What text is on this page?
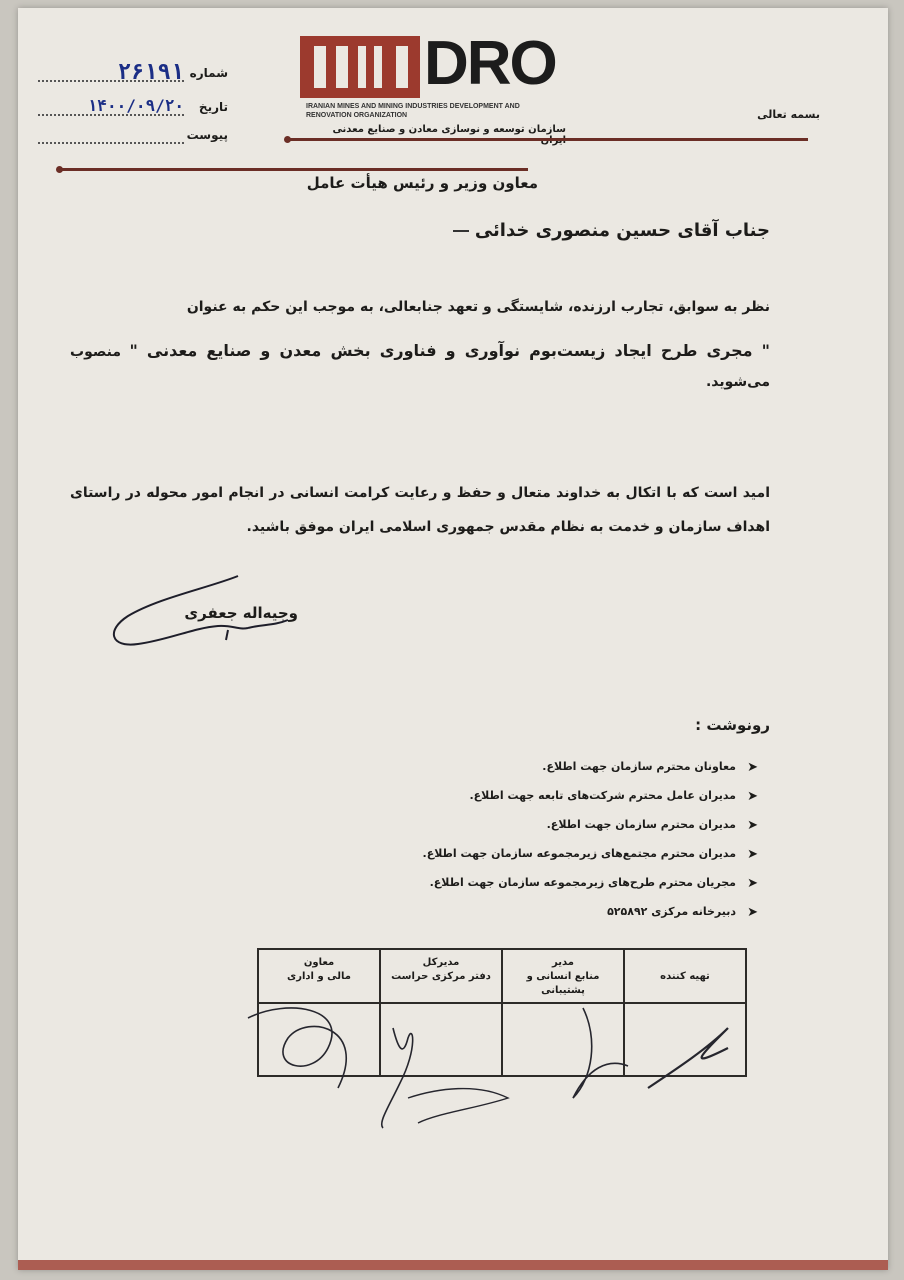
شماره
۲۶۱۹۱
تاریخ
۱۴۰۰/۰۹/۲۰
پیوست
DRO
IRANIAN MINES AND MINING INDUSTRIES DEVELOPMENT AND RENOVATION ORGANIZATION
سازمان توسعه و نوسازی معادن و صنایع معدنی
بسمه تعالی
معاون وزیر و رئیس هیأت عامل
جناب آقای حسین منصوری خدائی
نظر به سوابق، تجارب ارزنده، شایستگی و تعهد جنابعالی، به موجب این حکم به عنوان
" مجری طرح ایجاد زیست‌بوم نوآوری و فناوری بخش معدن و صنایع معدنی " منصوب می‌شوید.
امید است که با اتکال به خداوند متعال و حفظ و رعایت کرامت انسانی در انجام امور محوله در راستای اهداف سازمان و خدمت به نظام مقدس جمهوری اسلامی ایران موفق باشید.
وجیه‌اله جعفری
رونوشت :
➤
معاونان محترم سازمان جهت اطلاع.
➤
مدیران عامل محترم شرکت‌های تابعه جهت اطلاع.
➤
مدیران محترم سازمان جهت اطلاع.
➤
مدیران محترم مجتمع‌های زیرمجموعه سازمان جهت اطلاع.
➤
مجریان محترم طرح‌های زیرمجموعه سازمان جهت اطلاع.
➤
دبیرخانه مرکزی ۵۲۵۸۹۲
تهیه کننده
مدیر
منابع انسانی و پشتیبانی
مدیرکل
دفتر مرکزی حراست
معاون
مالی و اداری
